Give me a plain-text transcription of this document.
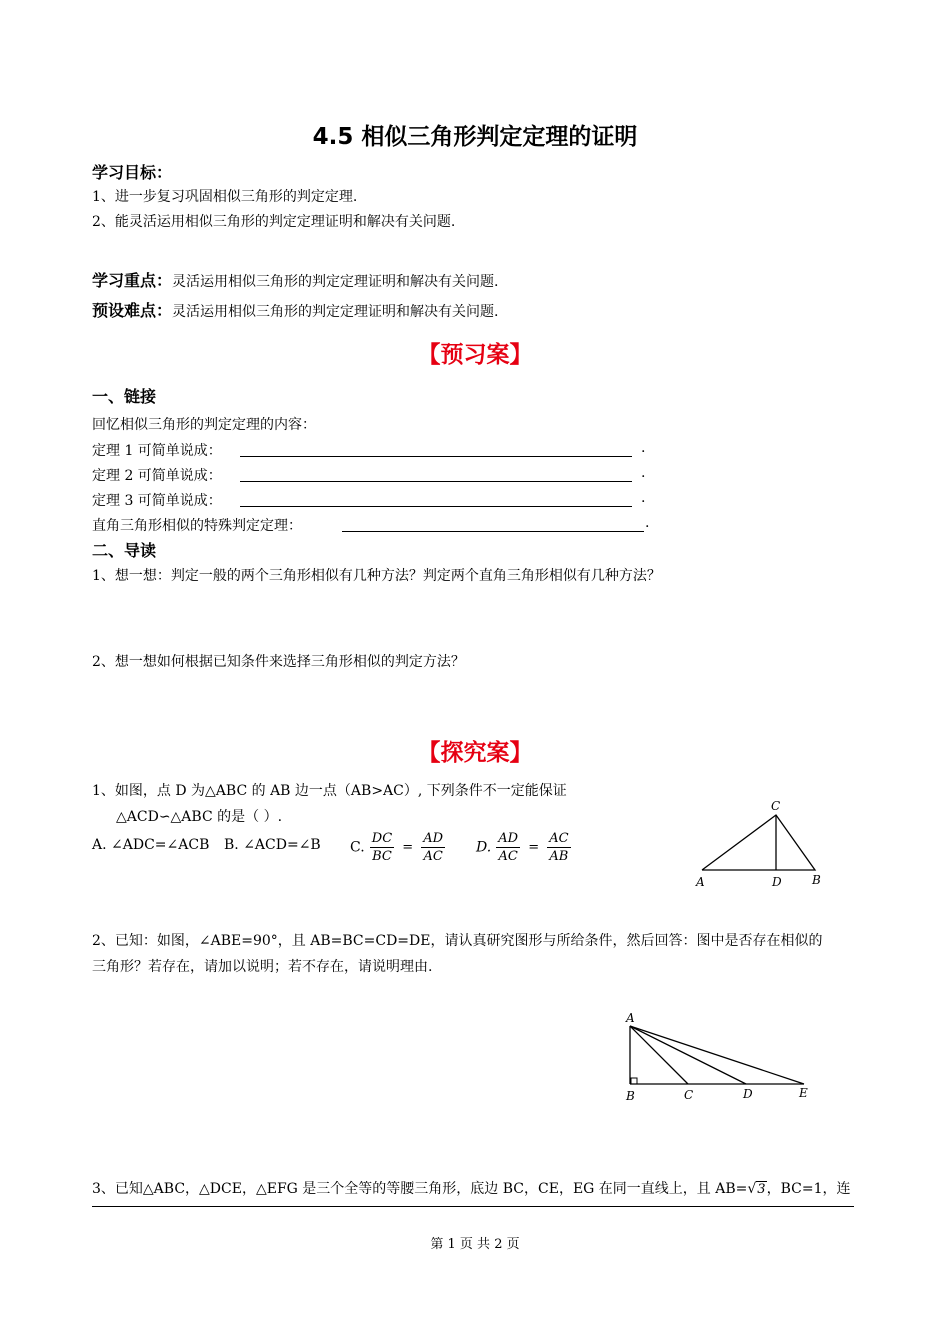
4.5 相似三角形判定定理的证明
学习目标：
1、进一步复习巩固相似三角形的判定定理.
2、能灵活运用相似三角形的判定定理证明和解决有关问题.
学习重点：灵活运用相似三角形的判定定理证明和解决有关问题.
预设难点：灵活运用相似三角形的判定定理证明和解决有关问题.
【预习案】
一、链接
回忆相似三角形的判定定理的内容：
定理 1 可简单说成：	.
定理 2 可简单说成：	.
定理 3 可简单说成：	.
直角三角形相似的特殊判定定理：	.
二、导读
1、想一想：判定一般的两个三角形相似有几种方法？判定两个直角三角形相似有几种方法？
2、想一想如何根据已知条件来选择三角形相似的判定方法？
【探究案】
1、如图，点 D 为△ABC 的 AB 边一点（AB>AC）, 下列条件不一定能保证
△ACD∽△ABC 的是（ ）.
A. ∠ADC=∠ACB B. ∠ACD=∠B C. $\frac{DC}{BC} = \frac{AD}{AC} D$. $\frac{AD}{AC} = \frac{AC}{AB}$
C
A	D	B
2、已知：如图，∠ABE=90°，且 AB=BC=CD=DE，请认真研究图形与所给条件，然后回答：图中是否存在相似的
三角形？若存在，请加以说明；若不存在，请说明理由.
A
B	C	D	E
3、已知△ABC，△DCE，△EFG 是三个全等的等腰三角形，底边 BC，CE，EG 在同一直线上，且 AB=√3，BC=1，连
第 1 页 共 2 页
